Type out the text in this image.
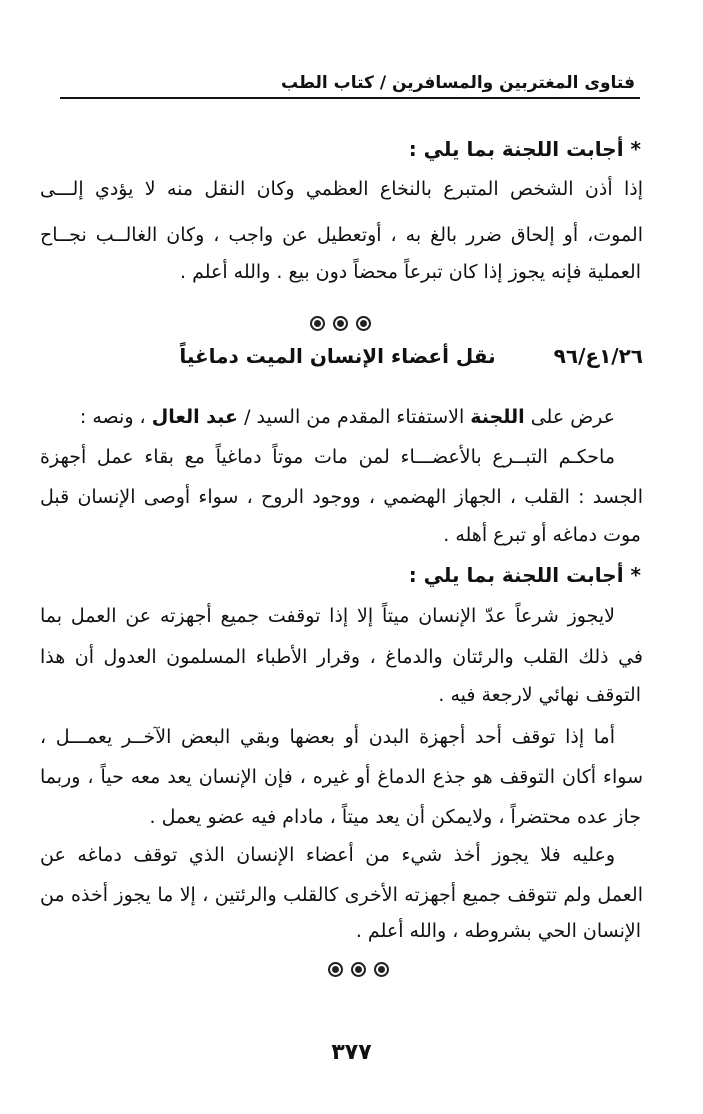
فتاوى المغتربين والمسافرين / كتاب الطب
* أجابت اللجنة بما يلي :
إذا أذن الشخص المتبرع بالنخاع العظمي وكان النقل منه لا يؤدي إلـــى
الموت، أو إلحاق ضرر بالغ به ، أوتعطيل عن واجب ، وكان الغالــب نجــاح
العملية فإنه يجوز إذا كان تبرعاً محضاً دون بيع . والله أعلم .
١/٢٦ع/٩٦نقل أعضاء الإنسان الميت دماغياً
عرض على اللجنة الاستفتاء المقدم من السيد / عبد العال ، ونصه :
ماحكـم التبــرع بالأعضـــاء لمن مات موتاً دماغياً مع بقاء عمل أجهزة
الجسد : القلب ، الجهاز الهضمي ، ووجود الروح ، سواء أوصى الإنسان قبل
موت دماغه أو تبرع أهله .
* أجابت اللجنة بما يلي :
لايجوز شرعاً عدّ الإنسان ميتاً إلا إذا توقفت جميع أجهزته عن العمل بما
في ذلك القلب والرئتان والدماغ ، وقرار الأطباء المسلمون العدول أن هذا
التوقف نهائي لارجعة فيه .
أما إذا توقف أحد أجهزة البدن أو بعضها وبقي البعض الآخــر يعمـــل ،
سواء أكان التوقف هو جذع الدماغ أو غيره ، فإن الإنسان يعد معه حياً ، وربما
جاز عده محتضراً ، ولايمكن أن يعد ميتاً ، مادام فيه عضو يعمل .
وعليه فلا يجوز أخذ شيء من أعضاء الإنسان الذي توقف دماغه عن
العمل ولم تتوقف جميع أجهزته الأخرى كالقلب والرئتين ، إلا ما يجوز أخذه من
الإنسان الحي بشروطه ، والله أعلم .
٣٧٧
